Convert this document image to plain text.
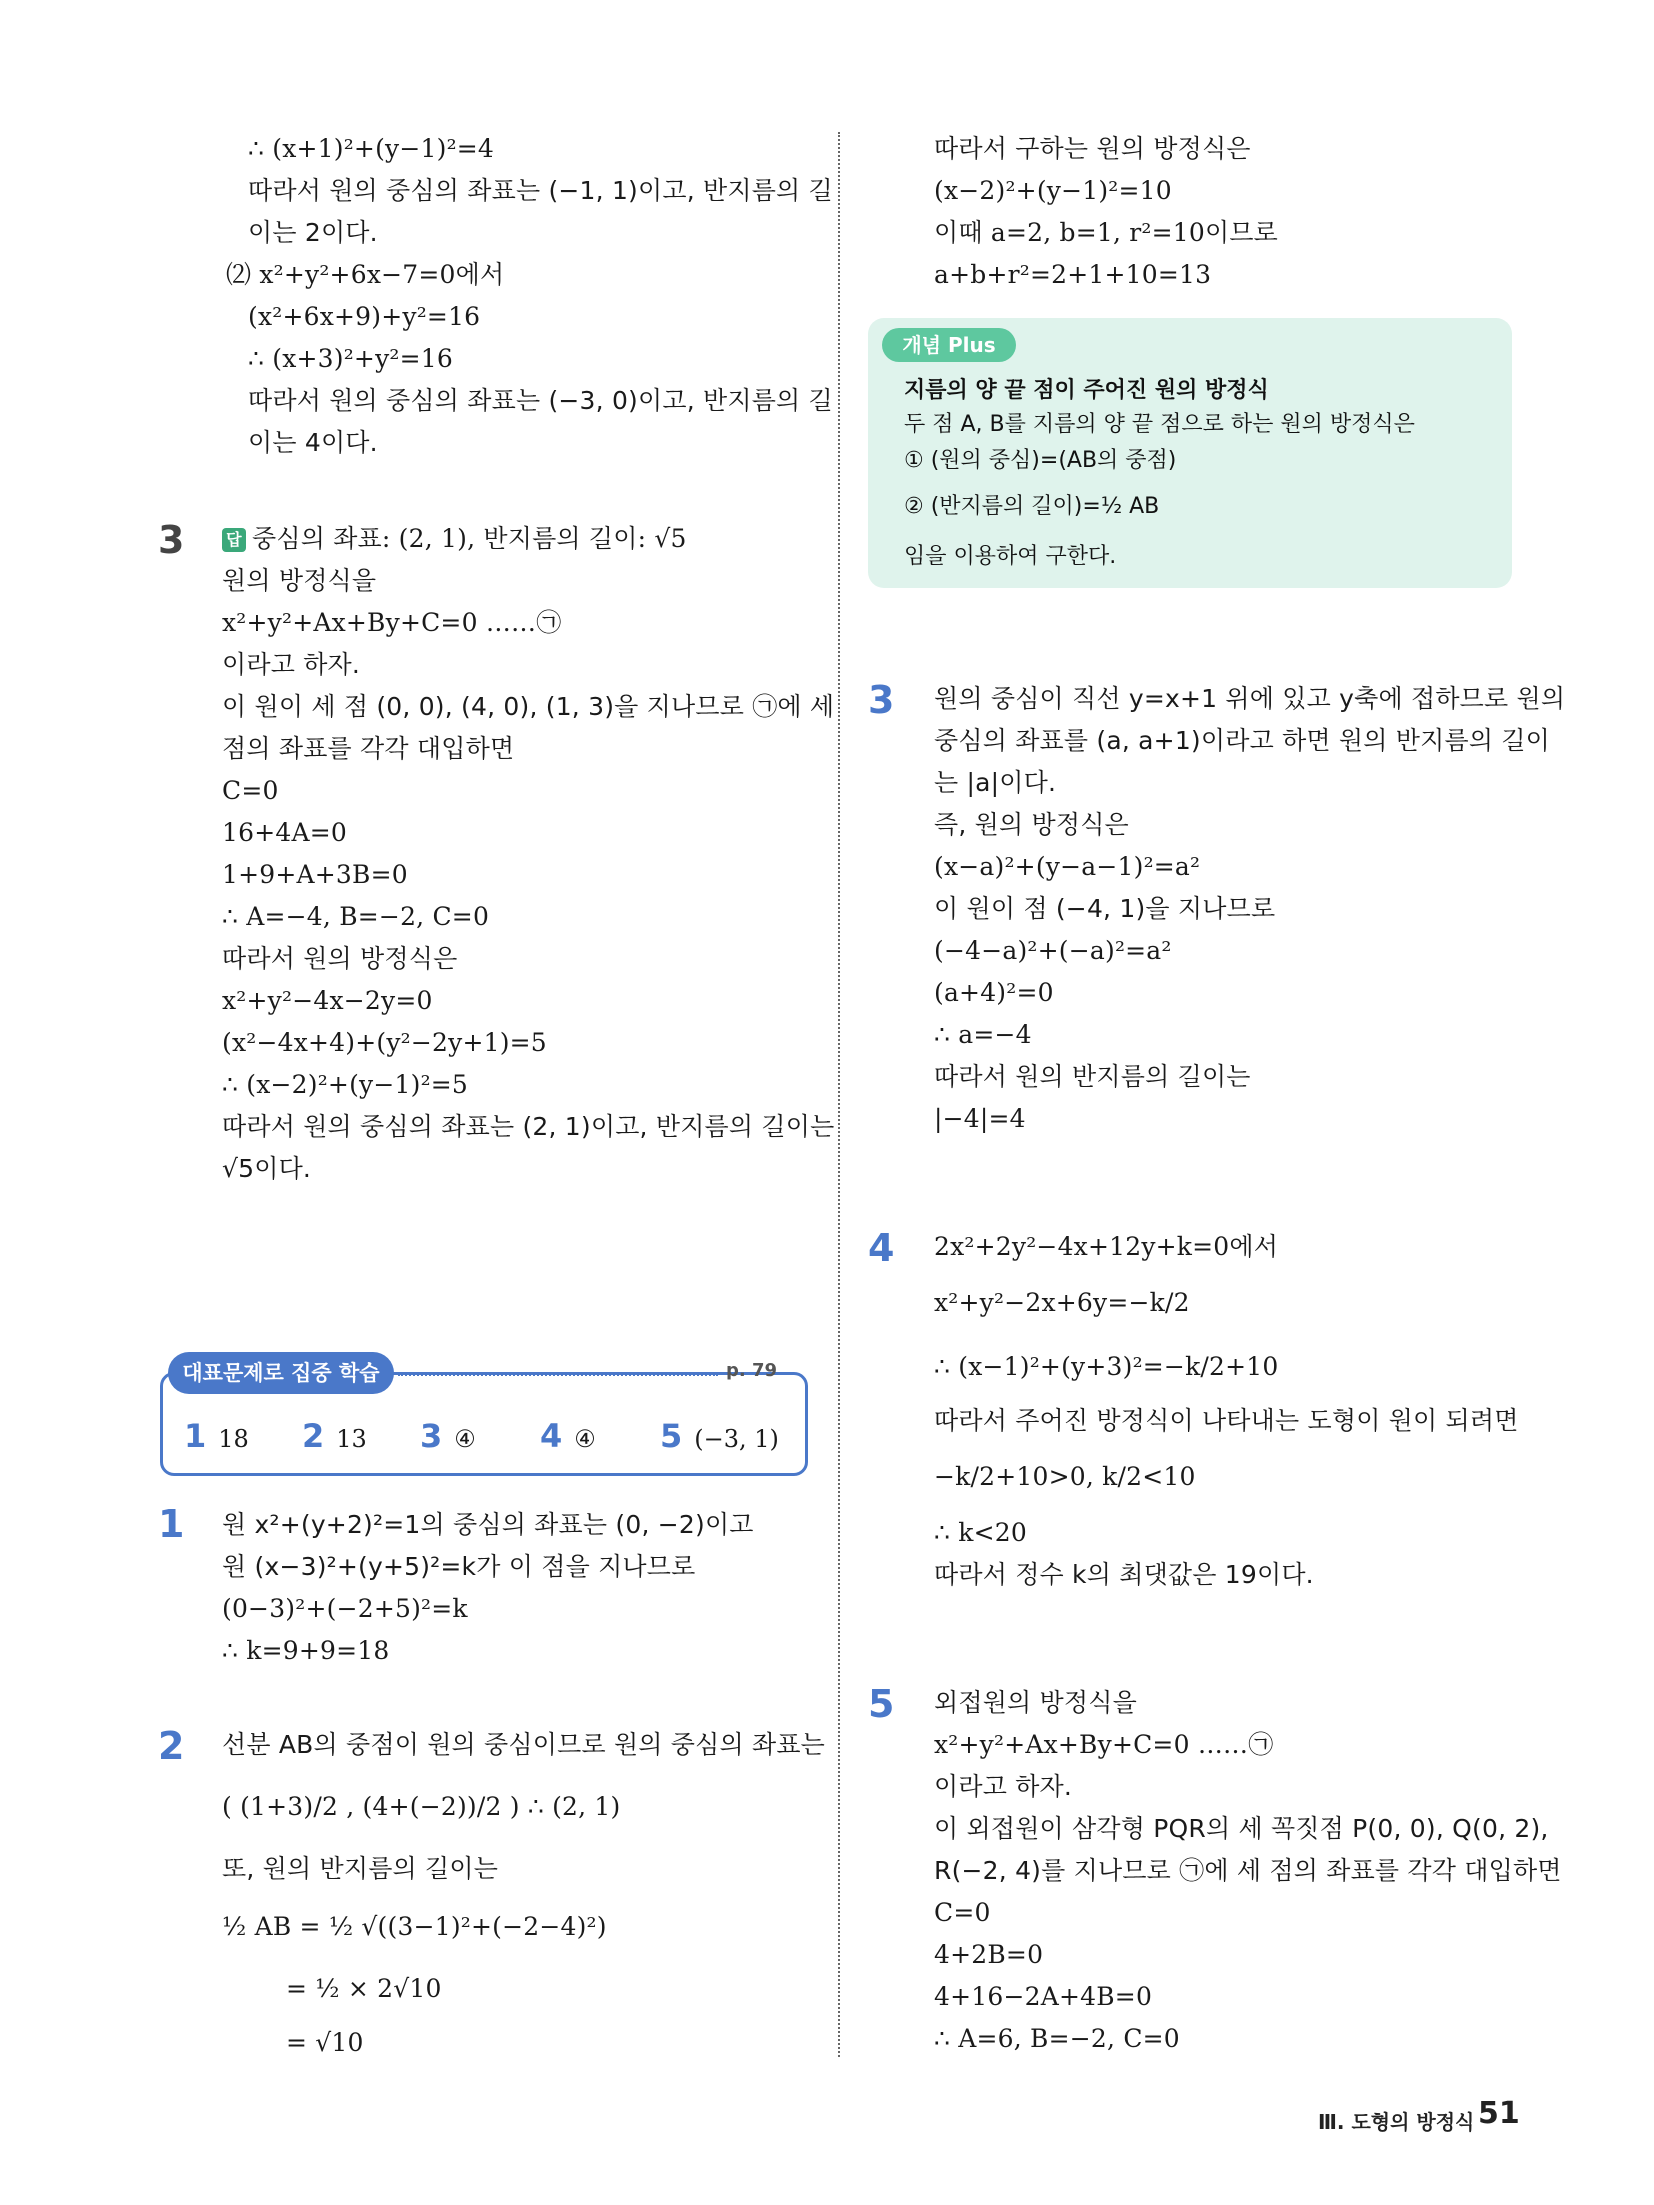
∴ (x+1)²+(y−1)²=4
따라서 원의 중심의 좌표는 (−1, 1)이고, 반지름의 길
이는 2이다.
⑵ x²+y²+6x−7=0에서
(x²+6x+9)+y²=16
∴ (x+3)²+y²=16
따라서 원의 중심의 좌표는 (−3, 0)이고, 반지름의 길
이는 4이다.
3	답 중심의 좌표: (2, 1), 반지름의 길이: √5
원의 방정식을
x²+y²+Ax+By+C=0 ……㉠
이라고 하자.
이 원이 세 점 (0, 0), (4, 0), (1, 3)을 지나므로 ㉠에 세
점의 좌표를 각각 대입하면
C=0
16+4A=0
1+9+A+3B=0
∴ A=−4, B=−2, C=0
따라서 원의 방정식은
x²+y²−4x−2y=0
(x²−4x+4)+(y²−2y+1)=5
∴ (x−2)²+(y−1)²=5
따라서 원의 중심의 좌표는 (2, 1)이고, 반지름의 길이는
√5이다.
대표문제로 집중 학습	p. 79
1 18 2 13 3 ④ 4 ④ 5 (−3, 1)
1 원 x²+(y+2)²=1의 중심의 좌표는 (0, −2)이고
원 (x−3)²+(y+5)²=k가 이 점을 지나므로
(0−3)²+(−2+5)²=k
∴ k=9+9=18
2 선분 AB의 중점이 원의 중심이므로 원의 중심의 좌표는
( (1+3)/2 , (4+(−2))/2 ) ∴ (2, 1)
또, 원의 반지름의 길이는
½ AB = ½ √((3−1)²+(−2−4)²)
= ½ × 2√10
= √10
따라서 구하는 원의 방정식은
(x−2)²+(y−1)²=10
이때 a=2, b=1, r²=10이므로
a+b+r²=2+1+10=13
개념 Plus
지름의 양 끝 점이 주어진 원의 방정식
두 점 A, B를 지름의 양 끝 점으로 하는 원의 방정식은
① (원의 중심)=(AB의 중점)
② (반지름의 길이)=½ AB
임을 이용하여 구한다.
3 원의 중심이 직선 y=x+1 위에 있고 y축에 접하므로 원의
중심의 좌표를 (a, a+1)이라고 하면 원의 반지름의 길이
는 |a|이다.
즉, 원의 방정식은
(x−a)²+(y−a−1)²=a²
이 원이 점 (−4, 1)을 지나므로
(−4−a)²+(−a)²=a²
(a+4)²=0
∴ a=−4
따라서 원의 반지름의 길이는
|−4|=4
4 2x²+2y²−4x+12y+k=0에서
x²+y²−2x+6y=−k/2
∴ (x−1)²+(y+3)²=−k/2+10
따라서 주어진 방정식이 나타내는 도형이 원이 되려면
−k/2+10>0, k/2<10
∴ k<20
따라서 정수 k의 최댓값은 19이다.
5 외접원의 방정식을
x²+y²+Ax+By+C=0 ……㉠
이라고 하자.
이 외접원이 삼각형 PQR의 세 꼭짓점 P(0, 0), Q(0, 2),
R(−2, 4)를 지나므로 ㉠에 세 점의 좌표를 각각 대입하면
C=0
4+2B=0
4+16−2A+4B=0
∴ A=6, B=−2, C=0
Ⅲ. 도형의 방정식 51
